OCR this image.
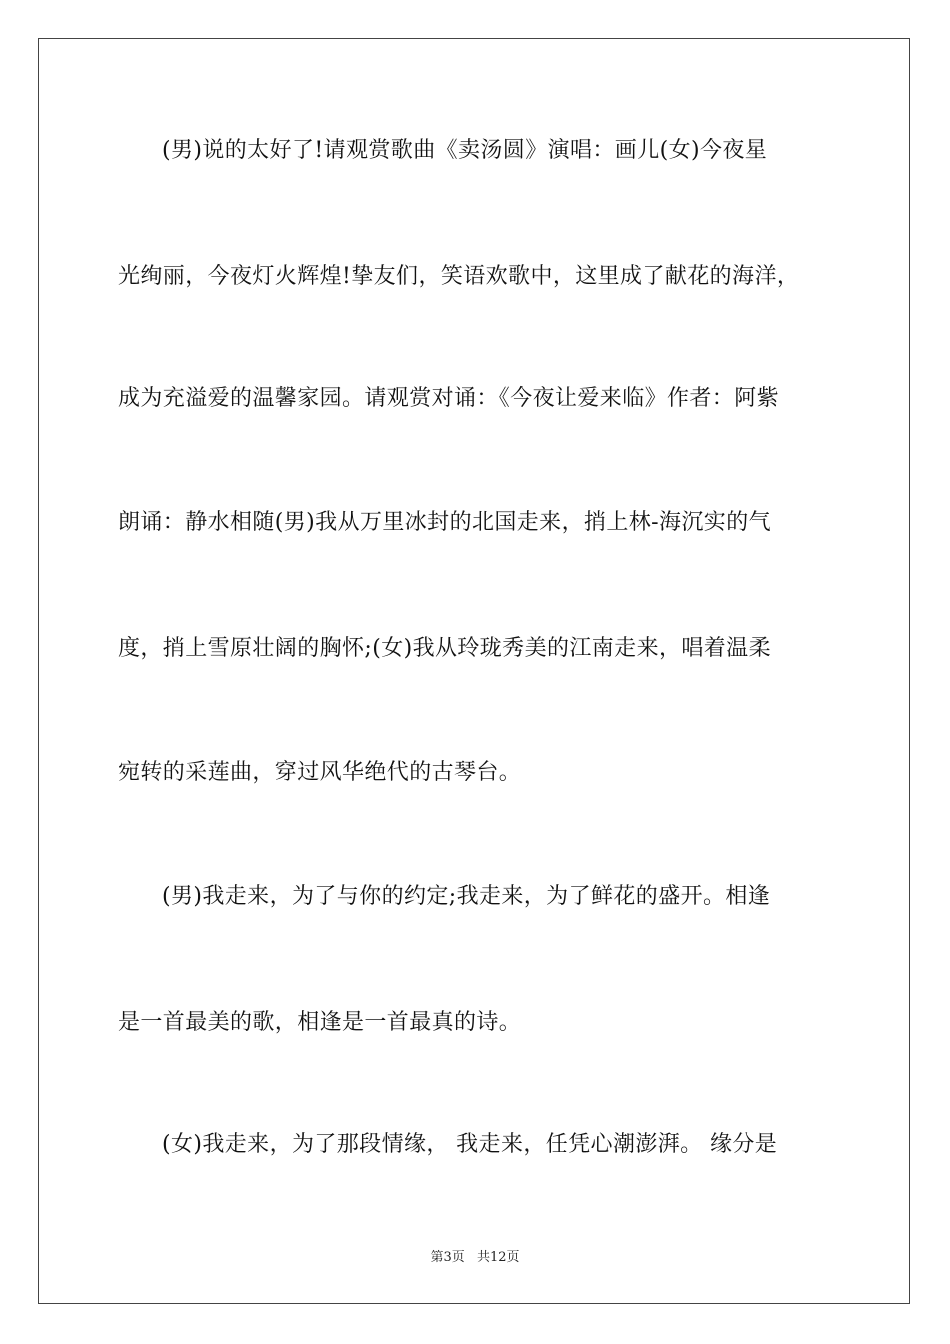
(男)说的太好了!请观赏歌曲《卖汤圆》演唱：画儿(女)今夜星
光绚丽，今夜灯火辉煌!挚友们，笑语欢歌中，这里成了献花的海洋，
成为充溢爱的温馨家园。请观赏对诵：《今夜让爱来临》作者：阿紫
朗诵：静水相随(男)我从万里冰封的北国走来，捎上林-海沉实的气
度，捎上雪原壮阔的胸怀;(女)我从玲珑秀美的江南走来，唱着温柔
宛转的采莲曲，穿过风华绝代的古琴台。
(男)我走来，为了与你的约定;我走来，为了鲜花的盛开。相逢
是一首最美的歌，相逢是一首最真的诗。
(女)我走来，为了那段情缘， 我走来，任凭心潮澎湃。 缘分是
第3页 共12页
